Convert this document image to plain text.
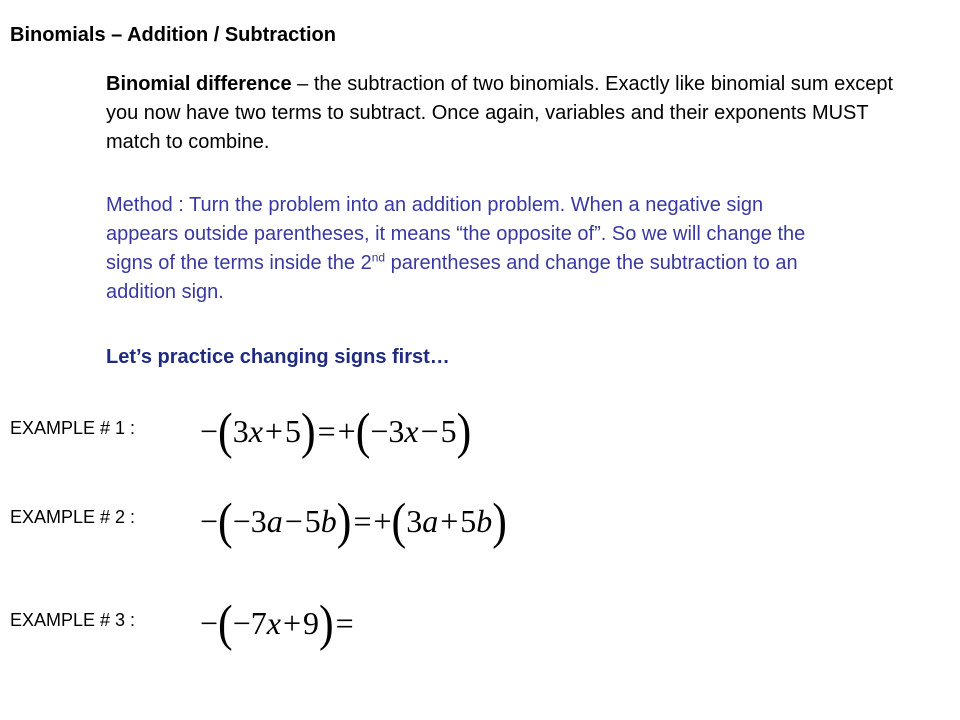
Binomials – Addition / Subtraction
Binomial difference – the subtraction of two binomials. Exactly like binomial sum except you now have two terms to subtract. Once again, variables and their exponents MUST match to combine.
Method : Turn the problem into an addition problem. When a negative sign appears outside parentheses, it means “the opposite of”. So we will change the signs of the terms inside the 2nd parentheses and change the subtraction to an addition sign.
Let’s practice changing signs first…
EXAMPLE # 1 : −(3x+5)=+(−3x−5)
EXAMPLE # 2 : −(−3a−5b)=+(3a+5b)
EXAMPLE # 3 : −(−7x+9)=
